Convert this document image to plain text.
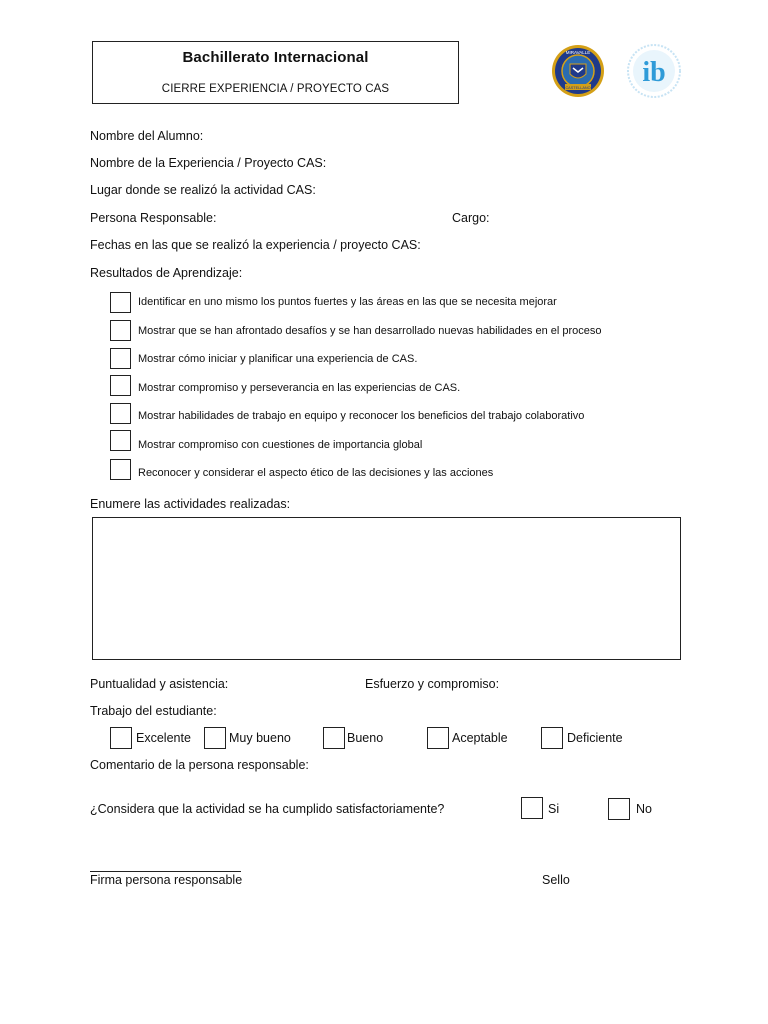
Bachillerato Internacional
CIERRE EXPERIENCIA / PROYECTO CAS
MIRAVALLE
CASTELLANO ib
Nombre del Alumno:
Nombre de la Experiencia / Proyecto CAS:
Lugar donde se realizó la actividad CAS:
Persona Responsable:	Cargo:
Fechas en las que se realizó la experiencia / proyecto CAS:
Resultados de Aprendizaje:
Identificar en uno mismo los puntos fuertes y las áreas en las que se necesita mejorar
Mostrar que se han afrontado desafíos y se han desarrollado nuevas habilidades en el proceso
Mostrar cómo iniciar y planificar una experiencia de CAS.
Mostrar compromiso y perseverancia en las experiencias de CAS.
Mostrar habilidades de trabajo en equipo y reconocer los beneficios del trabajo colaborativo
Mostrar compromiso con cuestiones de importancia global
Reconocer y considerar el aspecto ético de las decisiones y las acciones
Enumere las actividades realizadas:
Puntualidad y asistencia:	Esfuerzo y compromiso:
Trabajo del estudiante:
Excelente	Muy bueno	Bueno	Aceptable	Deficiente
Comentario de la persona responsable:
¿Considera que la actividad se ha cumplido satisfactoriamente?	Si	No
Firma persona responsable	Sello
